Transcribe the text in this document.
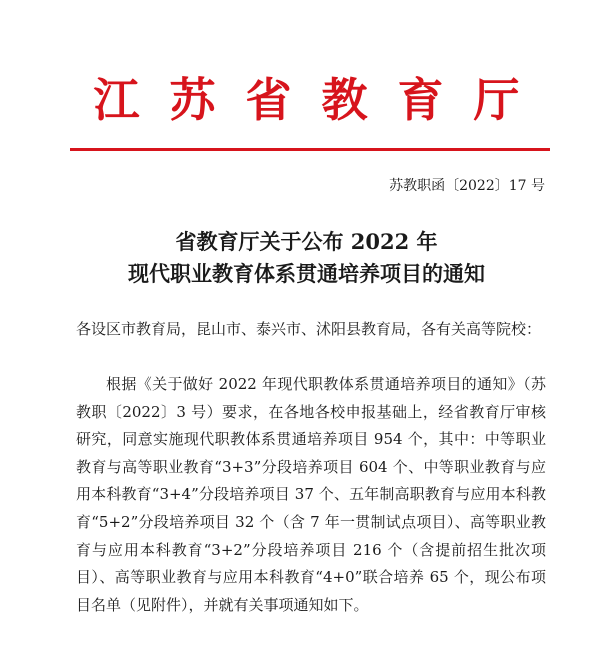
江苏省教育厅
苏教职函〔2022〕17 号
省教育厅关于公布 2022 年
现代职业教育体系贯通培养项目的通知
各设区市教育局，昆山市、泰兴市、沭阳县教育局，各有关高等院校：
根据《关于做好 2022 年现代职教体系贯通培养项目的通知》（苏教职〔2022〕3 号）要求，在各地各校申报基础上，经省教育厅审核研究，同意实施现代职教体系贯通培养项目 954 个，其中：中等职业教育与高等职业教育“3+3”分段培养项目 604 个、中等职业教育与应用本科教育“3+4”分段培养项目 37 个、五年制高职教育与应用本科教育“5+2”分段培养项目 32 个（含 7 年一贯制试点项目）、高等职业教育与应用本科教育“3+2”分段培养项目 216 个（含提前招生批次项目）、高等职业教育与应用本科教育“4+0”联合培养 65 个，现公布项目名单（见附件），并就有关事项通知如下。
